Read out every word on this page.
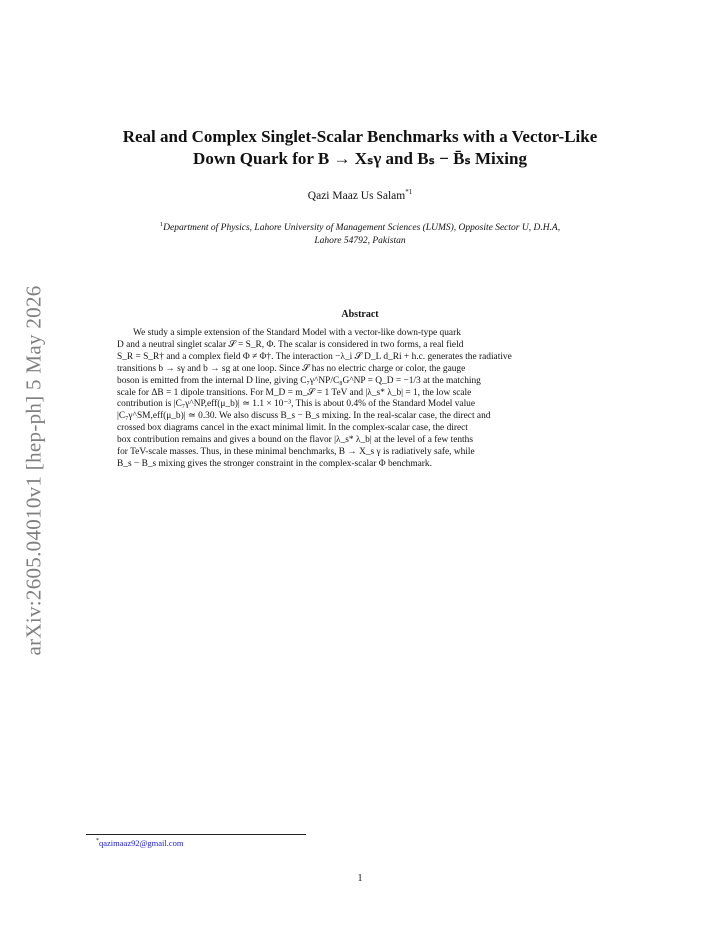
arXiv:2605.04010v1 [hep-ph] 5 May 2026
Real and Complex Singlet-Scalar Benchmarks with a Vector-Like
Down Quark for B → Xₛγ and Bₛ − B̄ₛ Mixing
Qazi Maaz Us Salam$^{*1}$
$^1$Department of Physics, Lahore University of Management Sciences (LUMS), Opposite Sector U, D.H.A,
Lahore 54792, Pakistan
Abstract
We study a simple extension of the Standard Model with a vector-like down-type quark
D and a neutral singlet scalar 𝒮 = S_R, Φ. The scalar is considered in two forms, a real field
S_R = S_R† and a complex field Φ ≠ Φ†. The interaction −λ_i 𝒮 D̄_L d_Ri + h.c. generates the radiative
transitions b → sγ and b → sg at one loop. Since 𝒮 has no electric charge or color, the gauge
boson is emitted from the internal D line, giving C₇γ^NP/C₈G^NP = Q_D = −1/3 at the matching
scale for ΔB = 1 dipole transitions. For M_D = m_𝒮 = 1 TeV and |λ_s* λ_b| = 1, the low scale
contribution is |C₇γ^NP,eff(μ_b)| ≃ 1.1 × 10⁻³, This is about 0.4% of the Standard Model value
|C₇γ^SM,eff(μ_b)| ≃ 0.30. We also discuss B_s − B̄_s mixing. In the real-scalar case, the direct and
crossed box diagrams cancel in the exact minimal limit. In the complex-scalar case, the direct
box contribution remains and gives a bound on the flavor |λ_s* λ_b| at the level of a few tenths
for TeV-scale masses. Thus, in these minimal benchmarks, B → X_s γ is radiatively safe, while
B_s − B̄_s mixing gives the stronger constraint in the complex-scalar Φ benchmark.
*qazimaaz92@gmail.com
1
